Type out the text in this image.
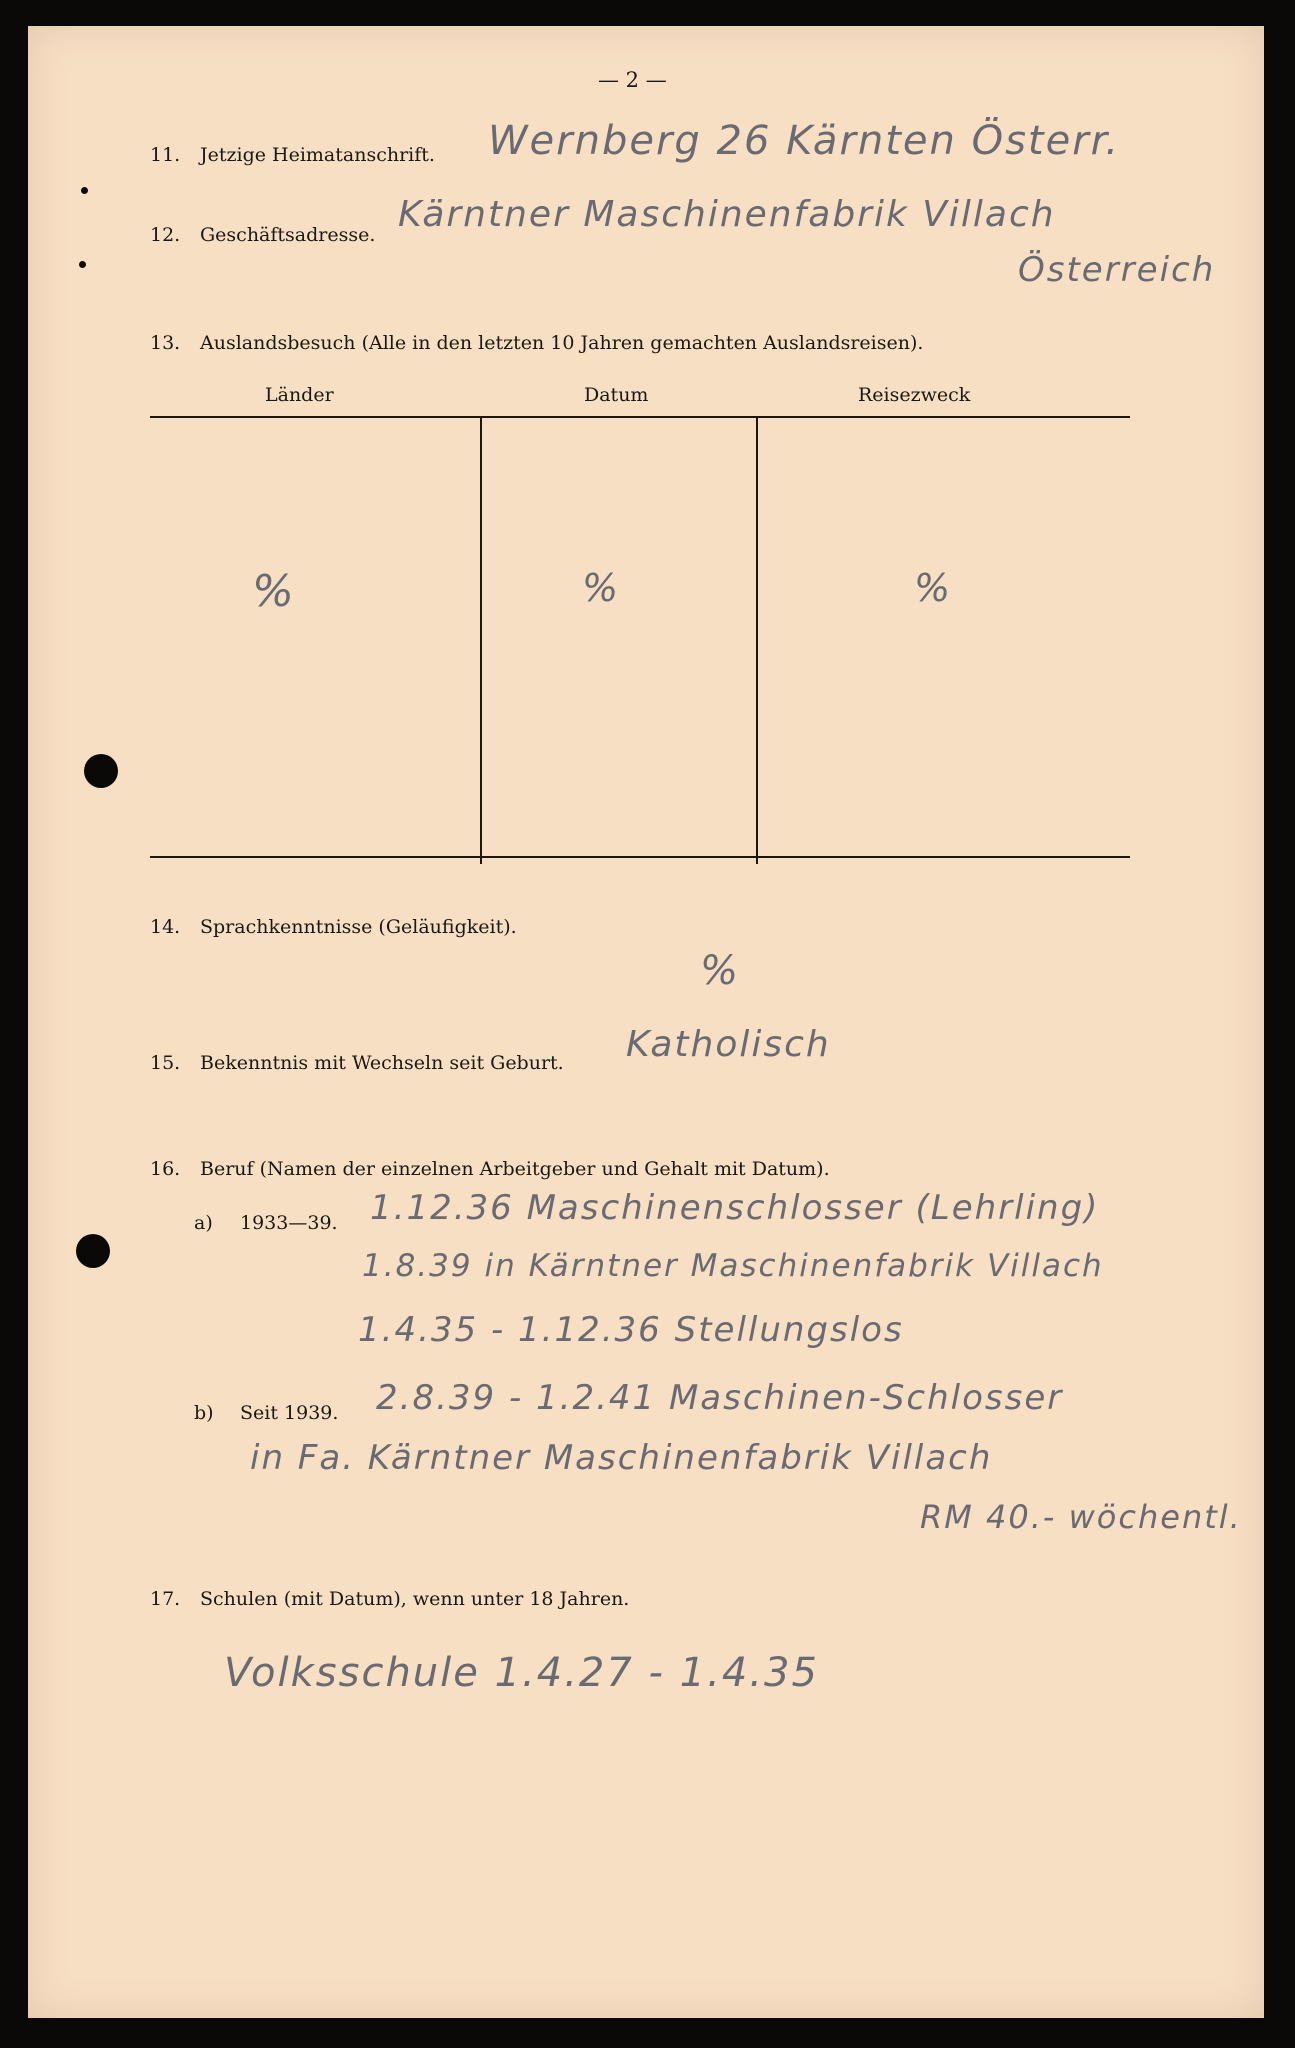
— 2 —
11. Jetzige Heimatanschrift. Wernberg 26 Kärnten Österr.
12. Geschäftsadresse. Kärntner Maschinenfabrik Villach
Österreich
13. Auslandsbesuch (Alle in den letzten 10 Jahren gemachten Auslandsreisen).
Länder	Datum	Reisezweck
%	%	%
14. Sprachkenntnisse (Geläufigkeit).
%
15. Bekenntnis mit Wechseln seit Geburt. Katholisch
16. Beruf (Namen der einzelnen Arbeitgeber und Gehalt mit Datum).
a) 1933—39. 1.12.36 Maschinenschlosser (Lehrling)
1.8.39 in Kärntner Maschinenfabrik Villach
1.4.35 - 1.12.36 Stellungslos
b) Seit 1939. 2.8.39 - 1.2.41 Maschinen-Schlosser
in Fa. Kärntner Maschinenfabrik Villach
RM 40.- wöchentl.
17. Schulen (mit Datum), wenn unter 18 Jahren.
Volksschule 1.4.27 - 1.4.35
